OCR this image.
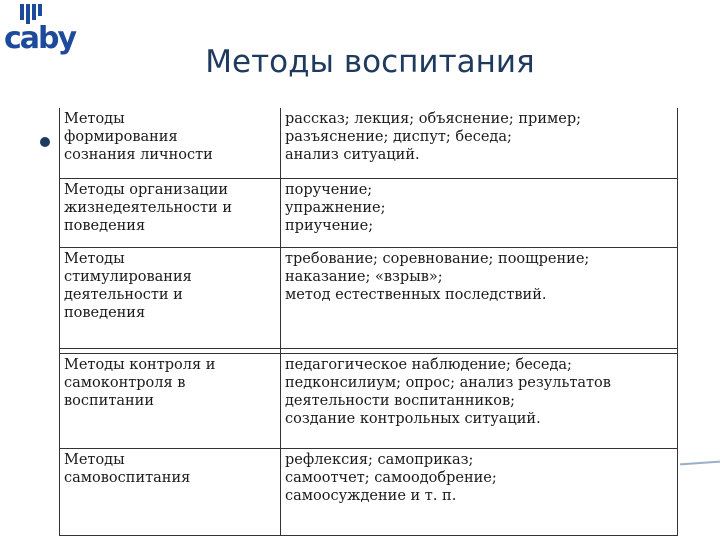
caby
Методы воспитания
Методы
формирования
сознания личности	рассказ; лекция; объяснение; пример;
разъяснение; диспут; беседа;
анализ ситуаций.

Методы организации
жизнедеятельности и
поведения	поручение;
упражнение;
приучение;

Методы
стимулирования
деятельности и
поведения	требование; соревнование; поощрение;
наказание; «взрыв»;
метод естественных последствий.

Методы контроля и
самоконтроля в
воспитании	педагогическое наблюдение; беседа;
педконсилиум; опрос; анализ результатов
деятельности воспитанников;
создание контрольных ситуаций.

Методы
самовоспитания	рефлексия; самоприказ;
самоотчет; самоодобрение;
самоосуждение и т. п.
